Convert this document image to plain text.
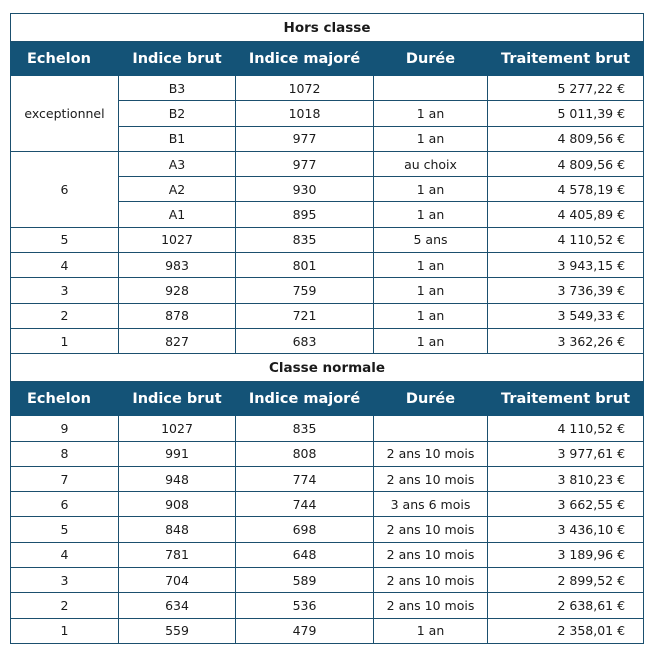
Hors classe				
Echelon	Indice brut	Indice majoré	Durée	Traitement brut
exceptionnel	B3	1072		5 277,22 €
	B2	1018	1 an	5 011,39 €
	B1	977	1 an	4 809,56 €
6	A3	977	au choix	4 809,56 €
	A2	930	1 an	4 578,19 €
	A1	895	1 an	4 405,89 €
5	1027	835	5 ans	4 110,52 €
4	983	801	1 an	3 943,15 €
3	928	759	1 an	3 736,39 €
2	878	721	1 an	3 549,33 €
1	827	683	1 an	3 362,26 €
Classe normale				
Echelon	Indice brut	Indice majoré	Durée	Traitement brut
9	1027	835		4 110,52 €
8	991	808	2 ans 10 mois	3 977,61 €
7	948	774	2 ans 10 mois	3 810,23 €
6	908	744	3 ans 6 mois	3 662,55 €
5	848	698	2 ans 10 mois	3 436,10 €
4	781	648	2 ans 10 mois	3 189,96 €
3	704	589	2 ans 10 mois	2 899,52 €
2	634	536	2 ans 10 mois	2 638,61 €
1	559	479	1 an	2 358,01 €
